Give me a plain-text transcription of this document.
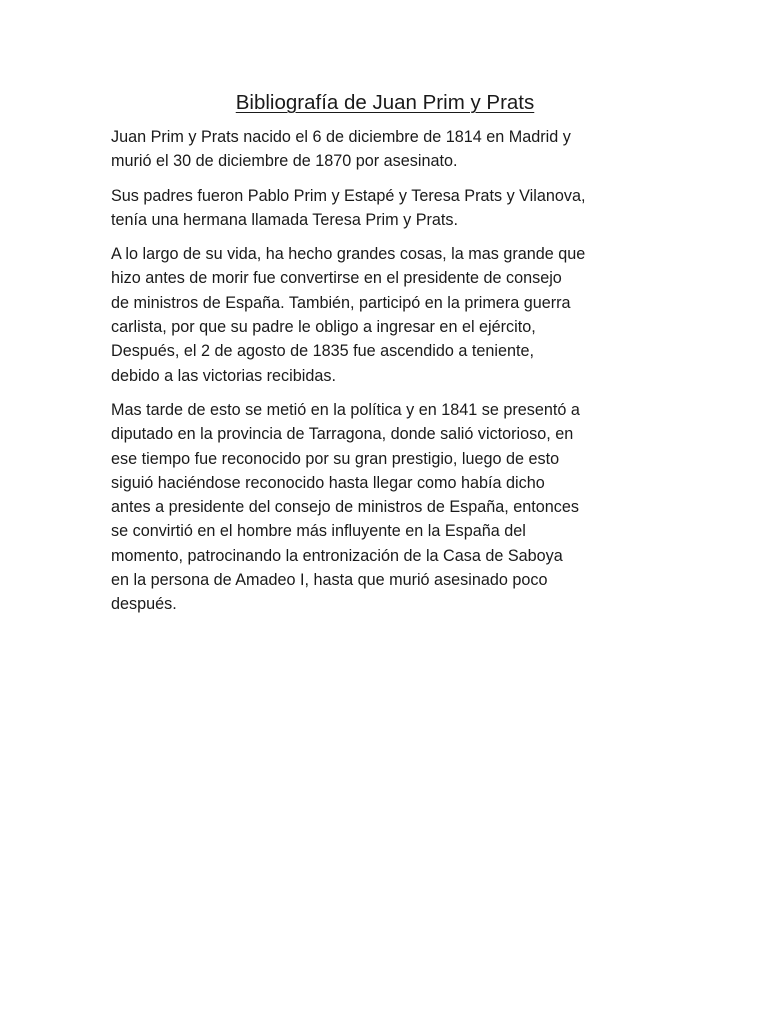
Bibliografía de Juan Prim y Prats

Juan Prim y Prats nacido el 6 de diciembre de 1814 en Madrid y
murió el 30 de diciembre de 1870 por asesinato.

Sus padres fueron Pablo Prim y Estapé y Teresa Prats y Vilanova,
tenía una hermana llamada Teresa Prim y Prats.

A lo largo de su vida, ha hecho grandes cosas, la mas grande que
hizo antes de morir fue convertirse en el presidente de consejo
de ministros de España. También, participó en la primera guerra
carlista, por que su padre le obligo a ingresar en el ejército,
Después, el 2 de agosto de 1835 fue ascendido a teniente,
debido a las victorias recibidas.

Mas tarde de esto se metió en la política y en 1841 se presentó a
diputado en la provincia de Tarragona, donde salió victorioso, en
ese tiempo fue reconocido por su gran prestigio, luego de esto
siguió haciéndose reconocido hasta llegar como había dicho
antes a presidente del consejo de ministros de España, entonces
se convirtió en el hombre más influyente en la España del
momento, patrocinando la entronización de la Casa de Saboya
en la persona de Amadeo I, hasta que murió asesinado poco
después.
